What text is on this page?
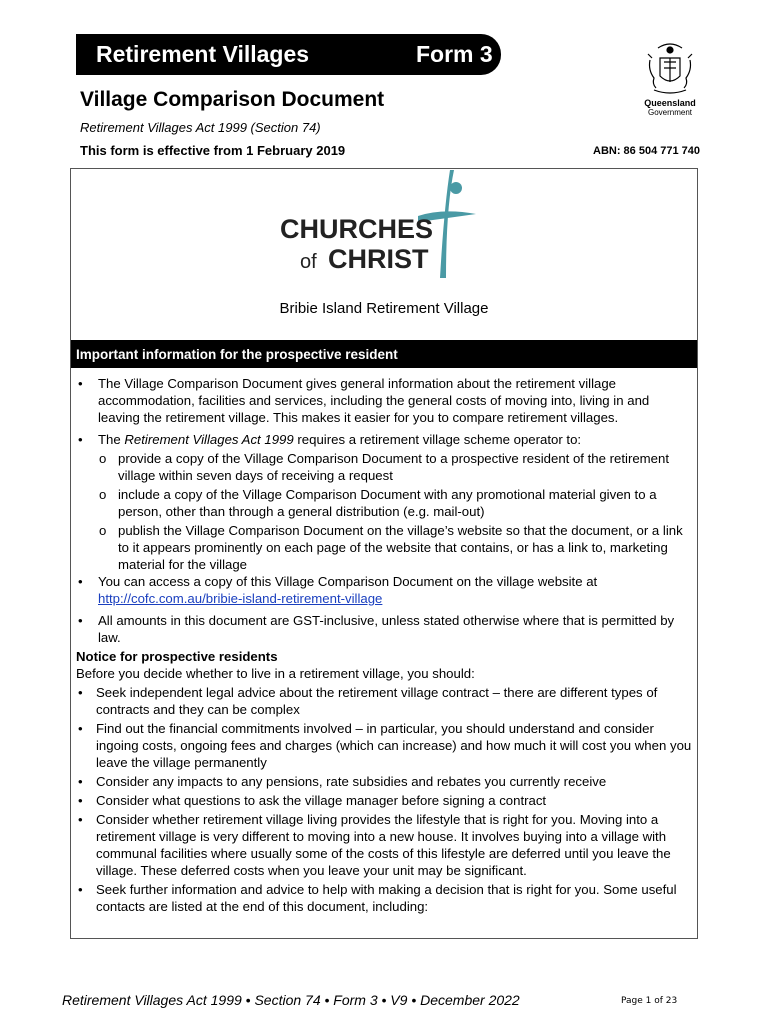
Retirement Villages	Form 3
Queensland
Government
Village Comparison Document
Retirement Villages Act 1999 (Section 74)
This form is effective from 1 February 2019	ABN: 86 504 771 740
CHURCHES
of CHRIST
Bribie Island Retirement Village
Important information for the prospective resident
• The Village Comparison Document gives general information about the retirement village accommodation, facilities and services, including the general costs of moving into, living in and leaving the retirement village. This makes it easier for you to compare retirement villages.
• The Retirement Villages Act 1999 requires a retirement village scheme operator to:
o provide a copy of the Village Comparison Document to a prospective resident of the retirement village within seven days of receiving a request
o include a copy of the Village Comparison Document with any promotional material given to a person, other than through a general distribution (e.g. mail-out)
o publish the Village Comparison Document on the village’s website so that the document, or a link to it appears prominently on each page of the website that contains, or has a link to, marketing material for the village
• You can access a copy of this Village Comparison Document on the village website at
http://cofc.com.au/bribie-island-retirement-village
• All amounts in this document are GST-inclusive, unless stated otherwise where that is permitted by law.
Notice for prospective residents
Before you decide whether to live in a retirement village, you should:
• Seek independent legal advice about the retirement village contract – there are different types of contracts and they can be complex
• Find out the financial commitments involved – in particular, you should understand and consider ingoing costs, ongoing fees and charges (which can increase) and how much it will cost you when you leave the village permanently
• Consider any impacts to any pensions, rate subsidies and rebates you currently receive
• Consider what questions to ask the village manager before signing a contract
• Consider whether retirement village living provides the lifestyle that is right for you. Moving into a retirement village is very different to moving into a new house. It involves buying into a village with communal facilities where usually some of the costs of this lifestyle are deferred until you leave the village. These deferred costs when you leave your unit may be significant.
• Seek further information and advice to help with making a decision that is right for you. Some useful contacts are listed at the end of this document, including:
Retirement Villages Act 1999 • Section 74 • Form 3 • V9 • December 2022	Page 1 of 23
